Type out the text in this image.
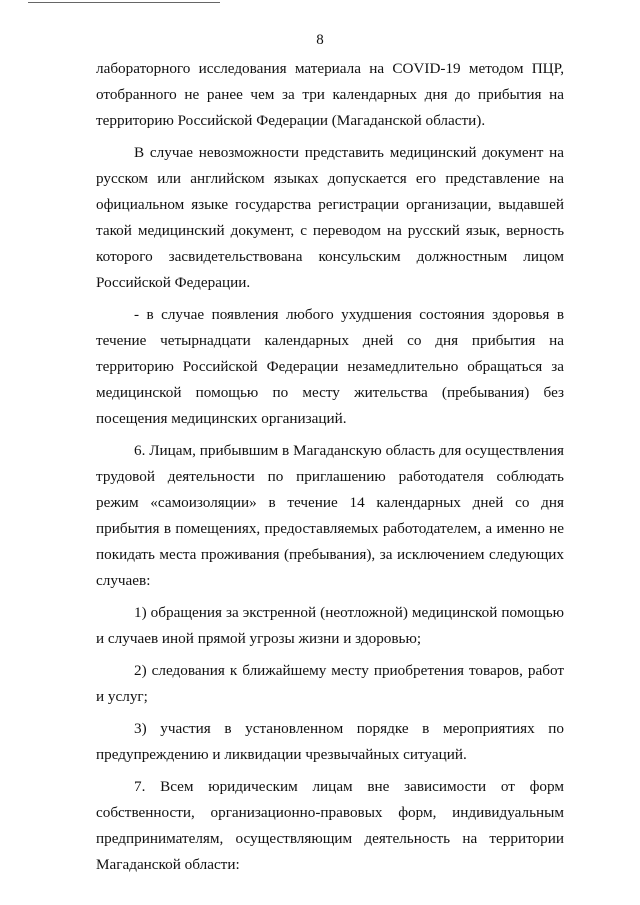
8

лабораторного исследования материала на COVID-19 методом ПЦР, отобранного не ранее чем за три календарных дня до прибытия на территорию Российской Федерации (Магаданской области).

В случае невозможности представить медицинский документ на русском или английском языках допускается его представление на официальном языке государства регистрации организации, выдавшей такой медицинский документ, с переводом на русский язык, верность которого засвидетельствована консульским должностным лицом Российской Федерации.

- в случае появления любого ухудшения состояния здоровья в течение четырнадцати календарных дней со дня прибытия на территорию Российской Федерации незамедлительно обращаться за медицинской помощью по месту жительства (пребывания) без посещения медицинских организаций.

6. Лицам, прибывшим в Магаданскую область для осуществления трудовой деятельности по приглашению работодателя соблюдать режим «самоизоляции» в течение 14 календарных дней со дня прибытия в помещениях, предоставляемых работодателем, а именно не покидать места проживания (пребывания), за исключением следующих случаев:

1) обращения за экстренной (неотложной) медицинской помощью и случаев иной прямой угрозы жизни и здоровью;

2) следования к ближайшему месту приобретения товаров, работ и услуг;

3) участия в установленном порядке в мероприятиях по предупреждению и ликвидации чрезвычайных ситуаций.

7. Всем юридическим лицам вне зависимости от форм собственности, организационно-правовых форм, индивидуальным предпринимателям, осуществляющим деятельность на территории Магаданской области:
